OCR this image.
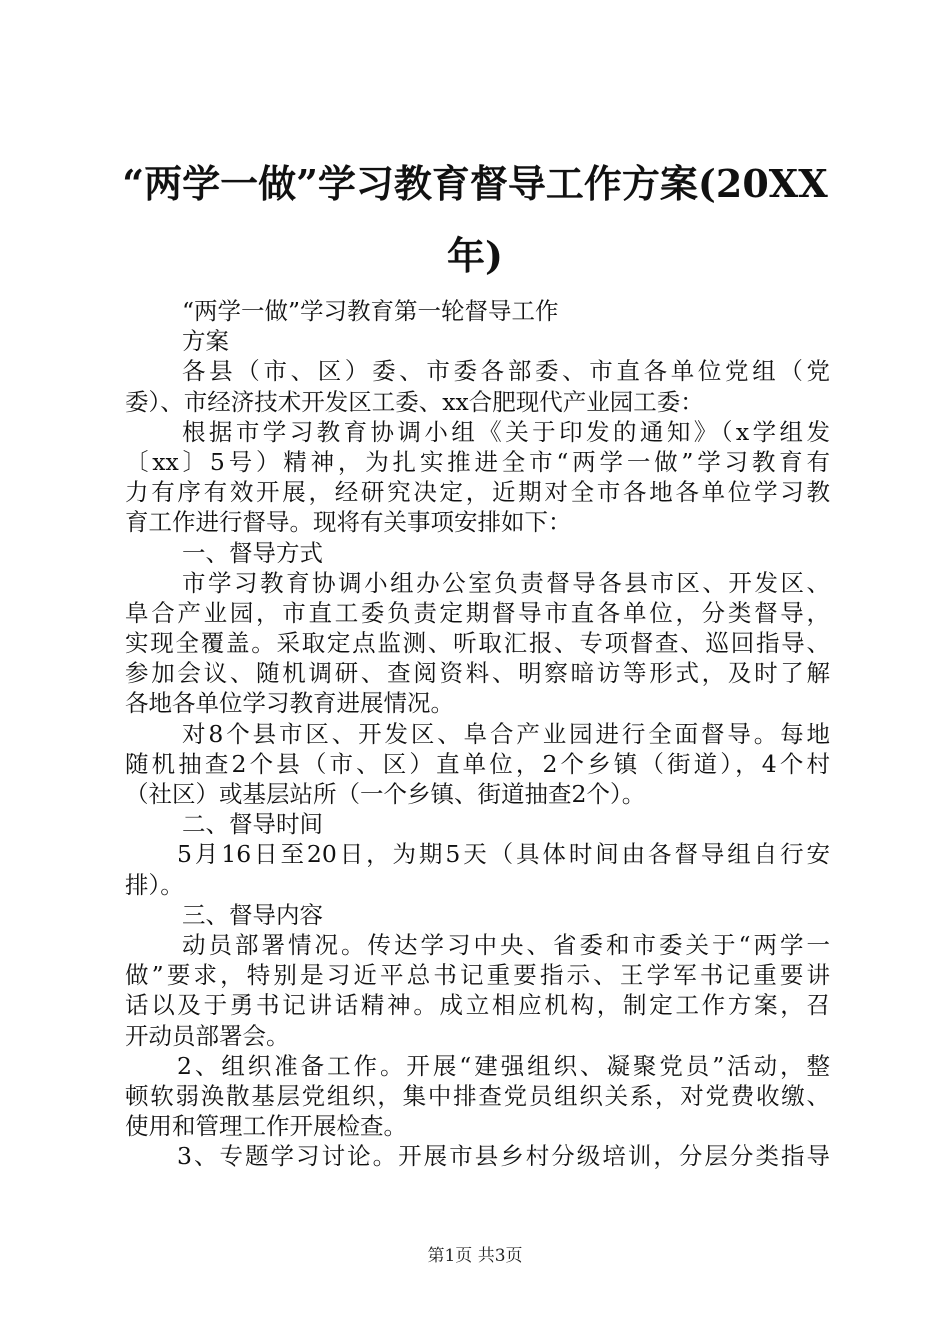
“两学一做”学习教育督导工作方案(20XX
年)
“两学一做”学习教育第一轮督导工作
方案
各县（市、区）委、市委各部委、市直各单位党组（党
委）、市经济技术开发区工委、xx合肥现代产业园工委：
根据市学习教育协调小组《关于印发的通知》（x学组发
〔xx〕5号）精神，为扎实推进全市“两学一做”学习教育有
力有序有效开展，经研究决定，近期对全市各地各单位学习教
育工作进行督导。现将有关事项安排如下：
一、督导方式
市学习教育协调小组办公室负责督导各县市区、开发区、
阜合产业园，市直工委负责定期督导市直各单位，分类督导，
实现全覆盖。采取定点监测、听取汇报、专项督查、巡回指导、
参加会议、随机调研、查阅资料、明察暗访等形式，及时了解
各地各单位学习教育进展情况。
对8个县市区、开发区、阜合产业园进行全面督导。每地
随机抽查2个县（市、区）直单位，2个乡镇（街道），4个村
（社区）或基层站所（一个乡镇、街道抽查2个）。
二、督导时间
5月16日至20日，为期5天（具体时间由各督导组自行安
排）。
三、督导内容
动员部署情况。传达学习中央、省委和市委关于“两学一
做”要求，特别是习近平总书记重要指示、王学军书记重要讲
话以及于勇书记讲话精神。成立相应机构，制定工作方案，召
开动员部署会。
2、组织准备工作。开展“建强组织、凝聚党员”活动，整
顿软弱涣散基层党组织，集中排查党员组织关系，对党费收缴、
使用和管理工作开展检查。
3、专题学习讨论。开展市县乡村分级培训，分层分类指导
第1页 共3页
